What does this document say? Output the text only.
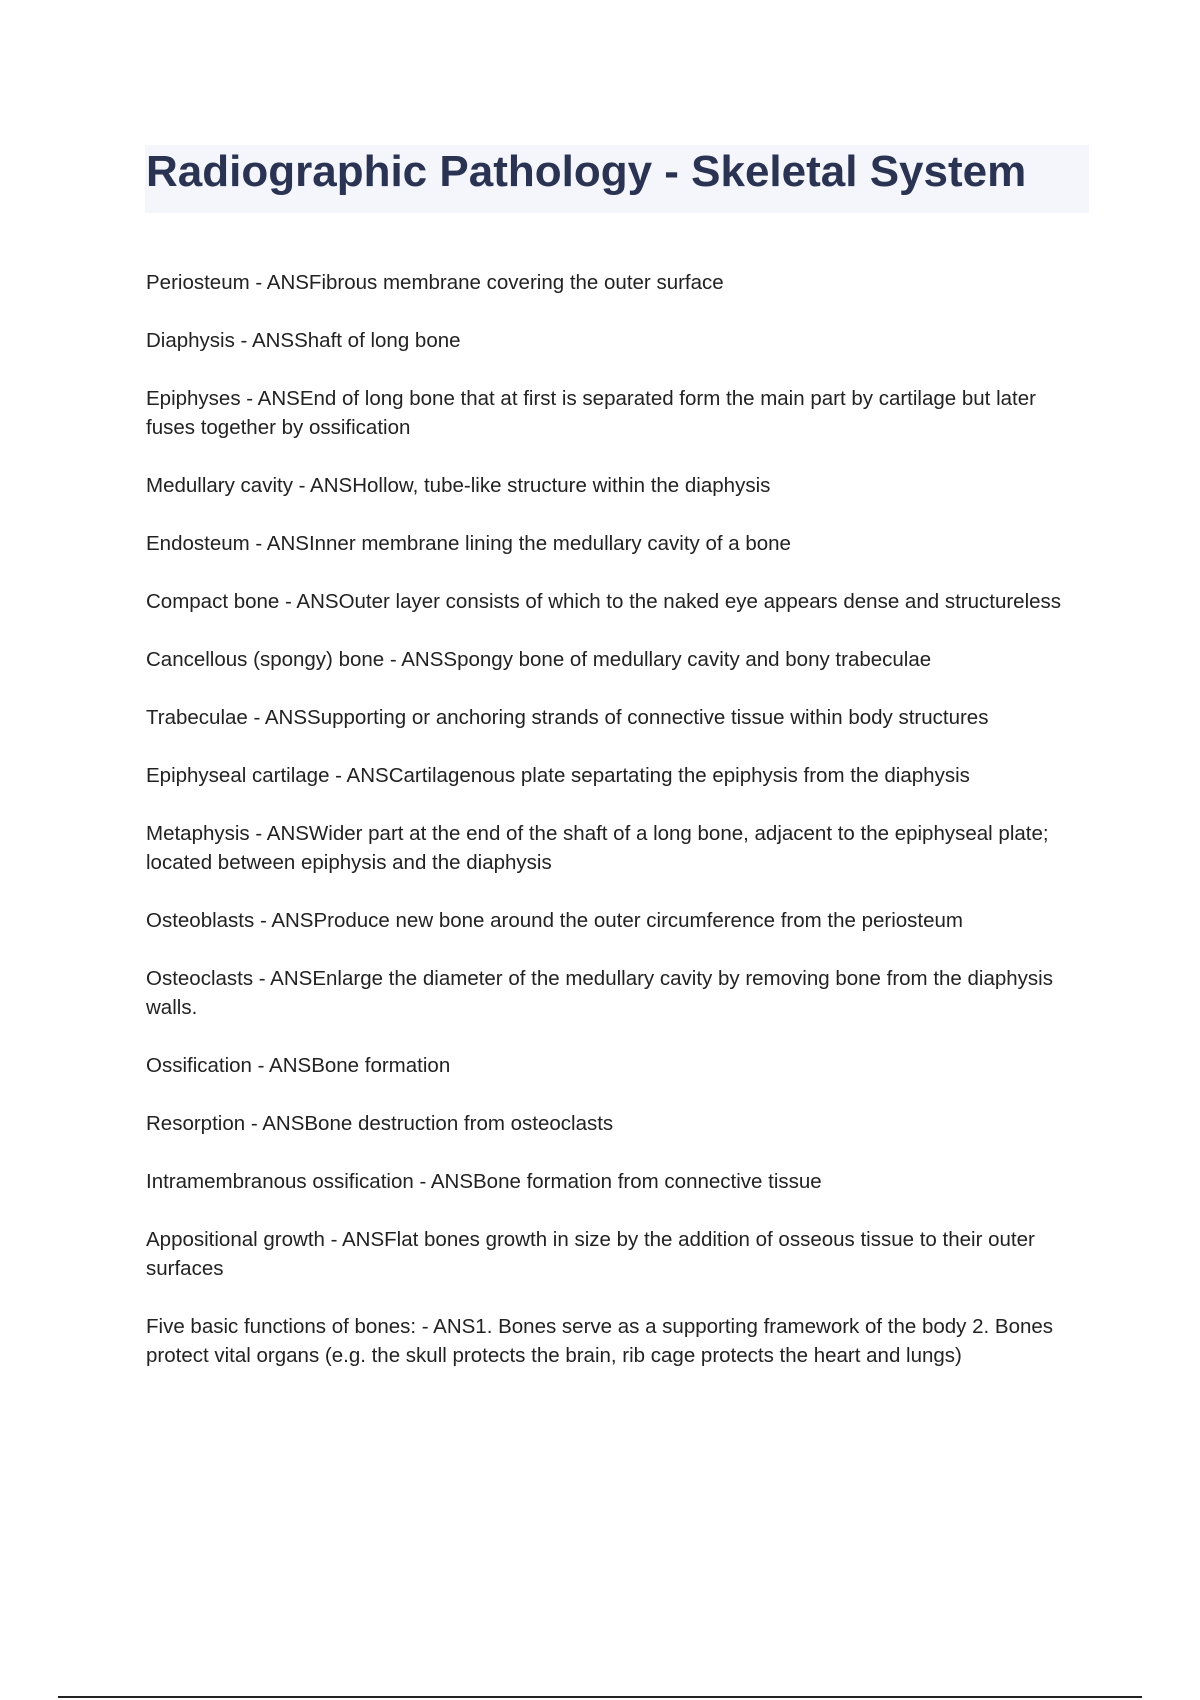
Radiographic Pathology - Skeletal System

Periosteum - ANSFibrous membrane covering the outer surface

Diaphysis - ANSShaft of long bone

Epiphyses - ANSEnd of long bone that at first is separated form the main part by cartilage but later fuses together by ossification

Medullary cavity - ANSHollow, tube-like structure within the diaphysis

Endosteum - ANSInner membrane lining the medullary cavity of a bone

Compact bone - ANSOuter layer consists of which to the naked eye appears dense and structureless

Cancellous (spongy) bone - ANSSpongy bone of medullary cavity and bony trabeculae

Trabeculae - ANSSupporting or anchoring strands of connective tissue within body structures

Epiphyseal cartilage - ANSCartilagenous plate separtating the epiphysis from the diaphysis

Metaphysis - ANSWider part at the end of the shaft of a long bone, adjacent to the epiphyseal plate; located between epiphysis and the diaphysis

Osteoblasts - ANSProduce new bone around the outer circumference from the periosteum

Osteoclasts - ANSEnlarge the diameter of the medullary cavity by removing bone from the diaphysis walls.

Ossification - ANSBone formation

Resorption - ANSBone destruction from osteoclasts

Intramembranous ossification - ANSBone formation from connective tissue

Appositional growth - ANSFlat bones growth in size by the addition of osseous tissue to their outer surfaces

Five basic functions of bones: - ANS1. Bones serve as a supporting framework of the body 2. Bones protect vital organs (e.g. the skull protects the brain, rib cage protects the heart and lungs)
